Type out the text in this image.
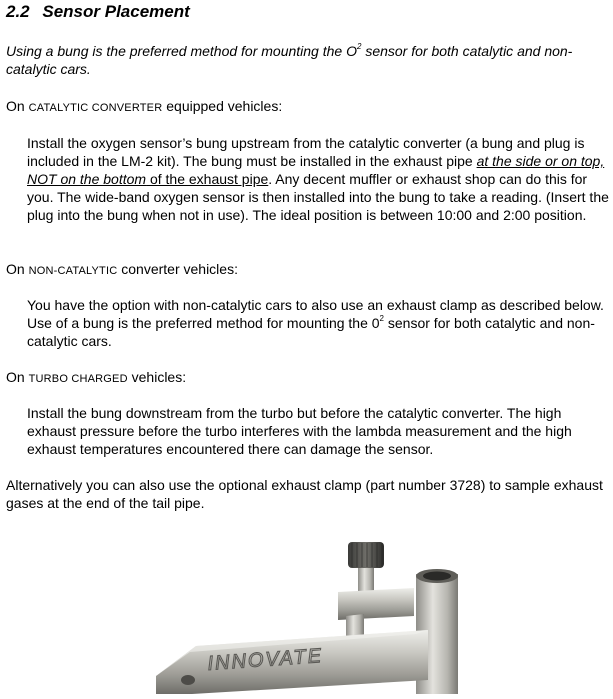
2.2 Sensor Placement
Using a bung is the preferred method for mounting the $O^2$ sensor for both catalytic and non-catalytic cars.
On CATALYTIC CONVERTER equipped vehicles:
Install the oxygen sensor’s bung upstream from the catalytic converter (a bung and plug is included in the LM-2 kit). The bung must be installed in the exhaust pipe at the side or on top, NOT on the bottom of the exhaust pipe. Any decent muffler or exhaust shop can do this for you. The wide-band oxygen sensor is then installed into the bung to take a reading. (Insert the plug into the bung when not in use). The ideal position is between 10:00 and 2:00 position.
On NON-CATALYTIC converter vehicles:
You have the option with non-catalytic cars to also use an exhaust clamp as described below. Use of a bung is the preferred method for mounting the $0^2$ sensor for both catalytic and non-catalytic cars.
On TURBO CHARGED vehicles:
Install the bung downstream from the turbo but before the catalytic converter. The high exhaust pressure before the turbo interferes with the lambda measurement and the high exhaust temperatures encountered there can damage the sensor.
Alternatively you can also use the optional exhaust clamp (part number 3728) to sample exhaust gases at the end of the tail pipe.
INNOVATE
